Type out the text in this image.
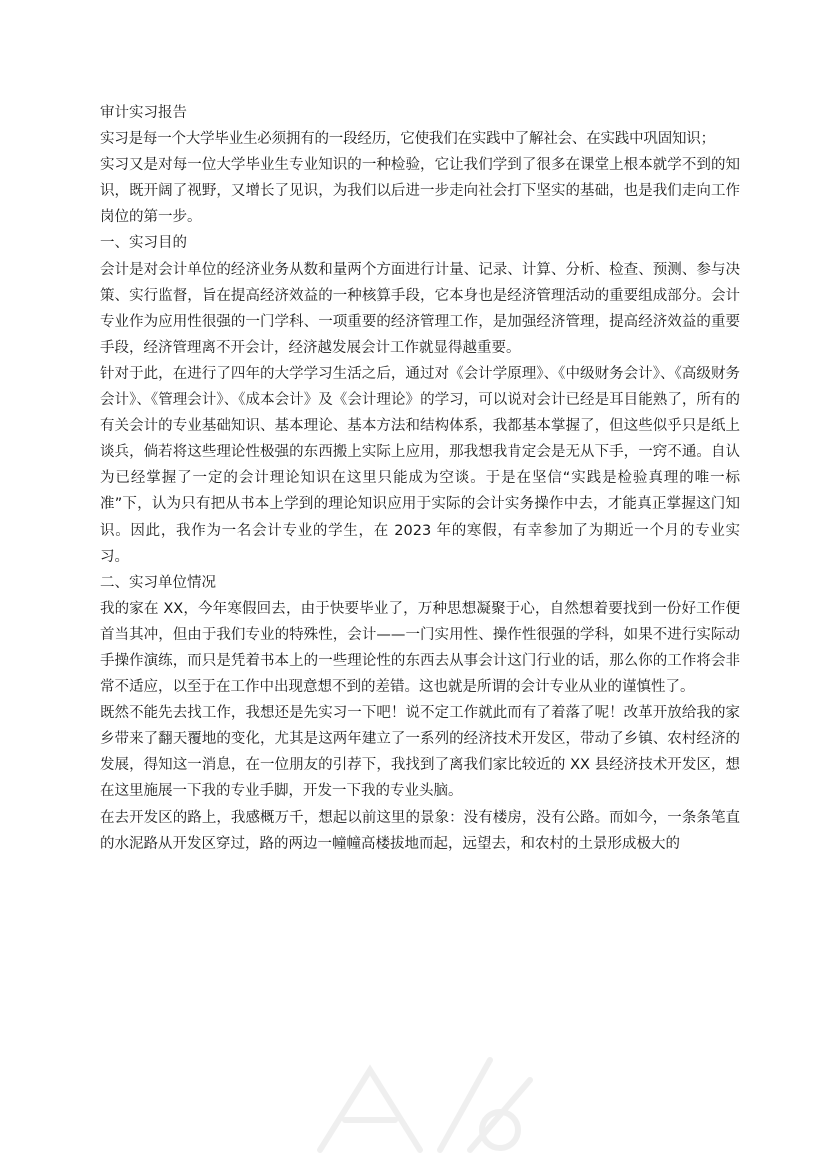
审计实习报告

实习是每一个大学毕业生必须拥有的一段经历，它使我们在实践中了解社会、在实践中巩固知识；

实习又是对每一位大学毕业生专业知识的一种检验，它让我们学到了很多在课堂上根本就学不到的知识，既开阔了视野，又增长了见识，为我们以后进一步走向社会打下坚实的基础，也是我们走向工作岗位的第一步。

一、实习目的

会计是对会计单位的经济业务从数和量两个方面进行计量、记录、计算、分析、检查、预测、参与决策、实行监督，旨在提高经济效益的一种核算手段，它本身也是经济管理活动的重要组成部分。会计专业作为应用性很强的一门学科、一项重要的经济管理工作，是加强经济管理，提高经济效益的重要手段，经济管理离不开会计，经济越发展会计工作就显得越重要。

针对于此，在进行了四年的大学学习生活之后，通过对《会计学原理》、《中级财务会计》、《高级财务会计》、《管理会计》、《成本会计》及《会计理论》的学习，可以说对会计已经是耳目能熟了，所有的有关会计的专业基础知识、基本理论、基本方法和结构体系，我都基本掌握了，但这些似乎只是纸上谈兵，倘若将这些理论性极强的东西搬上实际上应用，那我想我肯定会是无从下手，一窍不通。自认为已经掌握了一定的会计理论知识在这里只能成为空谈。于是在坚信“实践是检验真理的唯一标准”下，认为只有把从书本上学到的理论知识应用于实际的会计实务操作中去，才能真正掌握这门知识。因此，我作为一名会计专业的学生，在 2023 年的寒假，有幸参加了为期近一个月的专业实习。

二、实习单位情况

我的家在 XX，今年寒假回去，由于快要毕业了，万种思想凝聚于心，自然想着要找到一份好工作便首当其冲，但由于我们专业的特殊性，会计——一门实用性、操作性很强的学科，如果不进行实际动手操作演练，而只是凭着书本上的一些理论性的东西去从事会计这门行业的话，那么你的工作将会非常不适应，以至于在工作中出现意想不到的差错。这也就是所谓的会计专业从业的谨慎性了。

既然不能先去找工作，我想还是先实习一下吧！说不定工作就此而有了着落了呢！改革开放给我的家乡带来了翻天覆地的变化，尤其是这两年建立了一系列的经济技术开发区，带动了乡镇、农村经济的发展，得知这一消息，在一位朋友的引荐下，我找到了离我们家比较近的 XX 县经济技术开发区，想在这里施展一下我的专业手脚，开发一下我的专业头脑。

在去开发区的路上，我感概万千，想起以前这里的景象：没有楼房，没有公路。而如今，一条条笔直的水泥路从开发区穿过，路的两边一幢幢高楼拔地而起，远望去，和农村的土景形成极大的
